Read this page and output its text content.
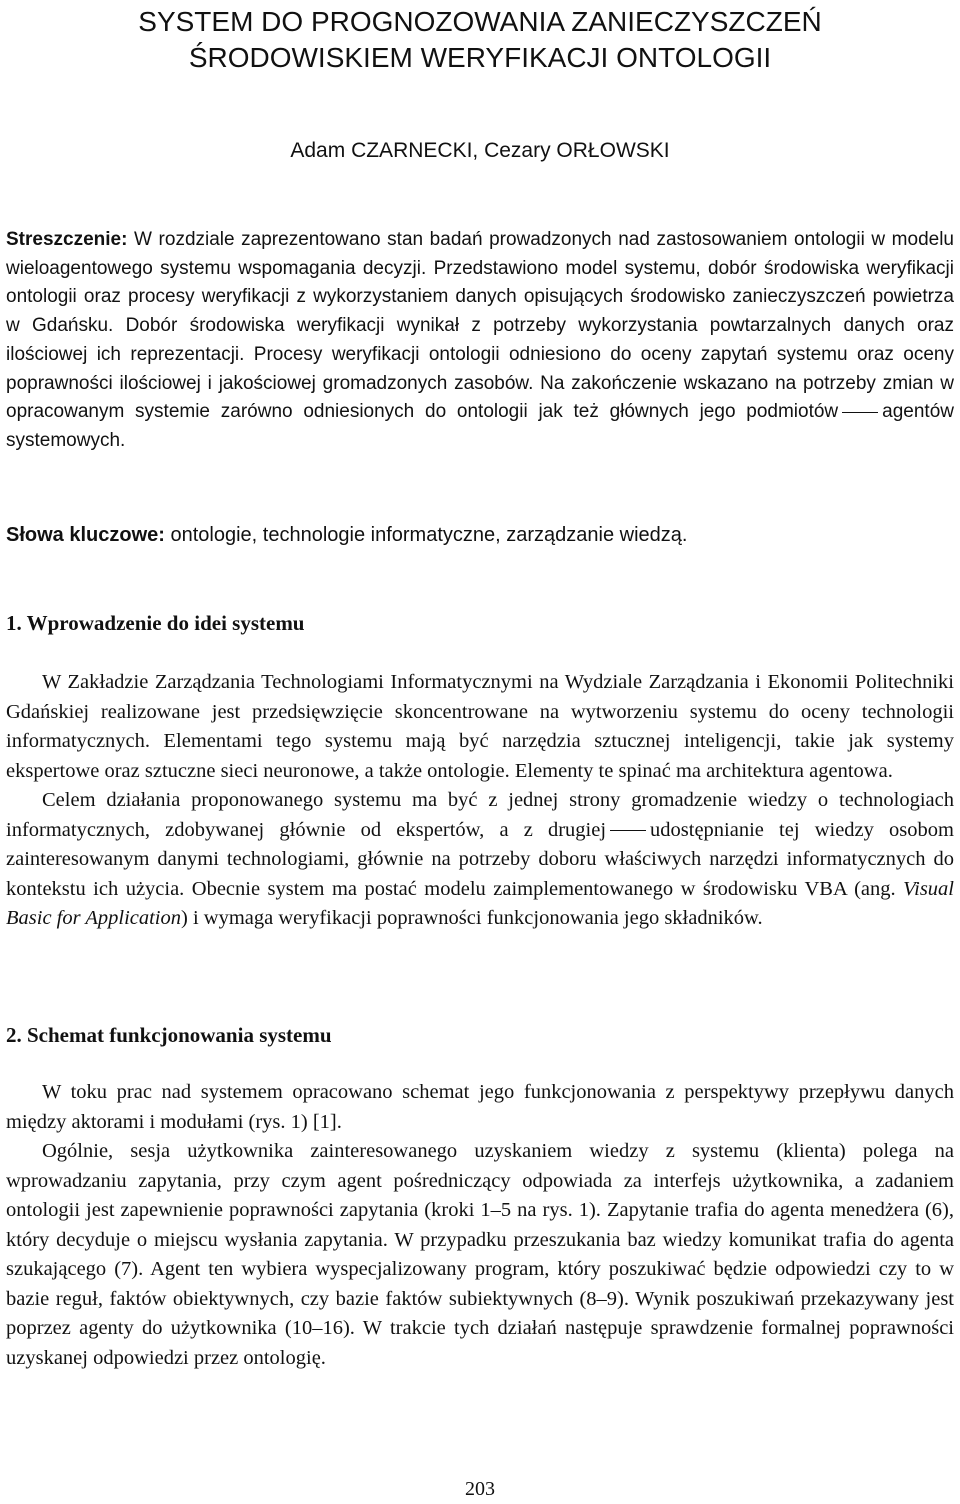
SYSTEM DO PROGNOZOWANIA ZANIECZYSZCZEŃ
ŚRODOWISKIEM WERYFIKACJI ONTOLOGII
Adam CZARNECKI, Cezary ORŁOWSKI
Streszczenie: W rozdziale zaprezentowano stan badań prowadzonych nad zastosowaniem ontologii w modelu wieloagentowego systemu wspomagania decyzji. Przedstawiono model systemu, dobór środowiska weryfikacji ontologii oraz procesy weryfikacji z wykorzystaniem danych opisujących środowisko zanieczyszczeń powietrza w Gdańsku. Dobór środowiska weryfikacji wynikał z potrzeby wykorzystania powtarzalnych danych oraz ilościowej ich reprezentacji. Procesy weryfikacji ontologii odniesiono do oceny zapytań systemu oraz oceny poprawności ilościowej i jakościowej gromadzonych zasobów. Na zakończenie wskazano na potrzeby zmian w opracowanym systemie zarówno odniesionych do ontologii jak też głównych jego podmiotów agentów systemowych.
Słowa kluczowe: ontologie, technologie informatyczne, zarządzanie wiedzą.
1. Wprowadzenie do idei systemu

W Zakładzie Zarządzania Technologiami Informatycznymi na Wydziale Zarządzania i Ekonomii Politechniki Gdańskiej realizowane jest przedsięwzięcie skoncentrowane na wytworzeniu systemu do oceny technologii informatycznych. Elementami tego systemu mają być narzędzia sztucznej inteligencji, takie jak systemy ekspertowe oraz sztuczne sieci neuronowe, a także ontologie. Elementy te spinać ma architektura agentowa.

Celem działania proponowanego systemu ma być z jednej strony gromadzenie wiedzy o technologiach informatycznych, zdobywanej głównie od ekspertów, a z drugiej udostępnianie tej wiedzy osobom zainteresowanym danymi technologiami, głównie na potrzeby doboru właściwych narzędzi informatycznych do kontekstu ich użycia. Obecnie system ma postać modelu zaimplementowanego w środowisku VBA (ang. Visual Basic for Application) i wymaga weryfikacji poprawności funkcjonowania jego składników.

2. Schemat funkcjonowania systemu

W toku prac nad systemem opracowano schemat jego funkcjonowania z perspektywy przepływu danych między aktorami i modułami (rys. 1) [1].

Ogólnie, sesja użytkownika zainteresowanego uzyskaniem wiedzy z systemu (klienta) polega na wprowadzaniu zapytania, przy czym agent pośredniczący odpowiada za interfejs użytkownika, a zadaniem ontologii jest zapewnienie poprawności zapytania (kroki 1–5 na rys. 1). Zapytanie trafia do agenta menedżera (6), który decyduje o miejscu wysłania zapytania. W przypadku przeszukania baz wiedzy komunikat trafia do agenta szukającego (7). Agent ten wybiera wyspecjalizowany program, który poszukiwać będzie odpowiedzi czy to w bazie reguł, faktów obiektywnych, czy bazie faktów subiektywnych (8–9). Wynik poszukiwań przekazywany jest poprzez agenty do użytkownika (10–16). W trakcie tych działań następuje sprawdzenie formalnej poprawności uzyskanej odpowiedzi przez ontologię.

203
